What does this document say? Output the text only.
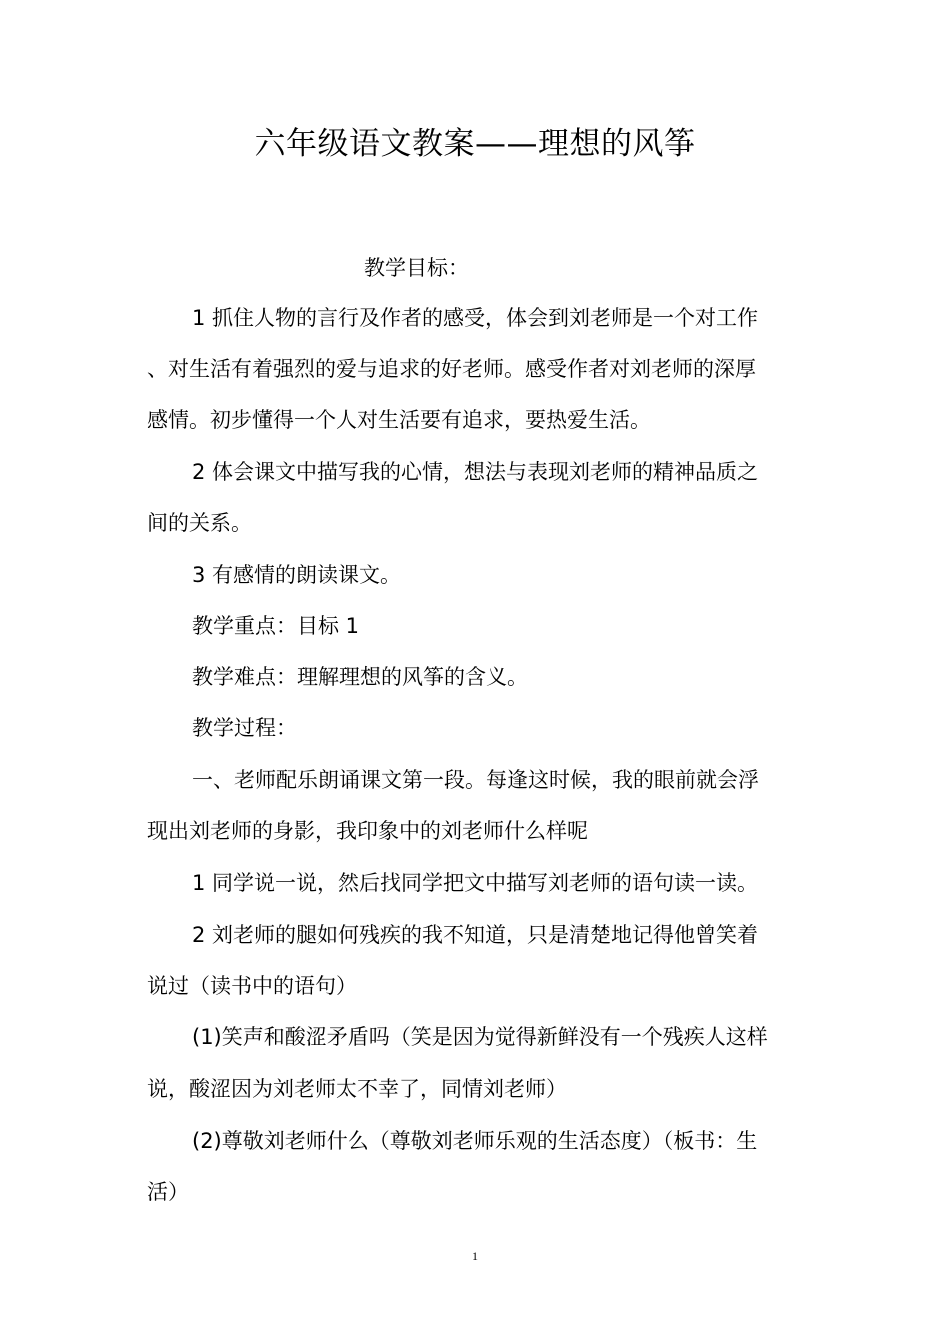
六年级语文教案——理想的风筝
教学目标：
1 抓住人物的言行及作者的感受，体会到刘老师是一个对工作
、对生活有着强烈的爱与追求的好老师。感受作者对刘老师的深厚
感情。初步懂得一个人对生活要有追求，要热爱生活。
2 体会课文中描写我的心情，想法与表现刘老师的精神品质之
间的关系。
3 有感情的朗读课文。
教学重点：目标 1
教学难点：理解理想的风筝的含义。
教学过程：
一、老师配乐朗诵课文第一段。每逢这时候，我的眼前就会浮
现出刘老师的身影，我印象中的刘老师什么样呢
1 同学说一说，然后找同学把文中描写刘老师的语句读一读。
2 刘老师的腿如何残疾的我不知道，只是清楚地记得他曾笑着
说过（读书中的语句）
(1)笑声和酸涩矛盾吗（笑是因为觉得新鲜没有一个残疾人这样
说，酸涩因为刘老师太不幸了，同情刘老师）
(2)尊敬刘老师什么（尊敬刘老师乐观的生活态度）（板书：生
活）
1
